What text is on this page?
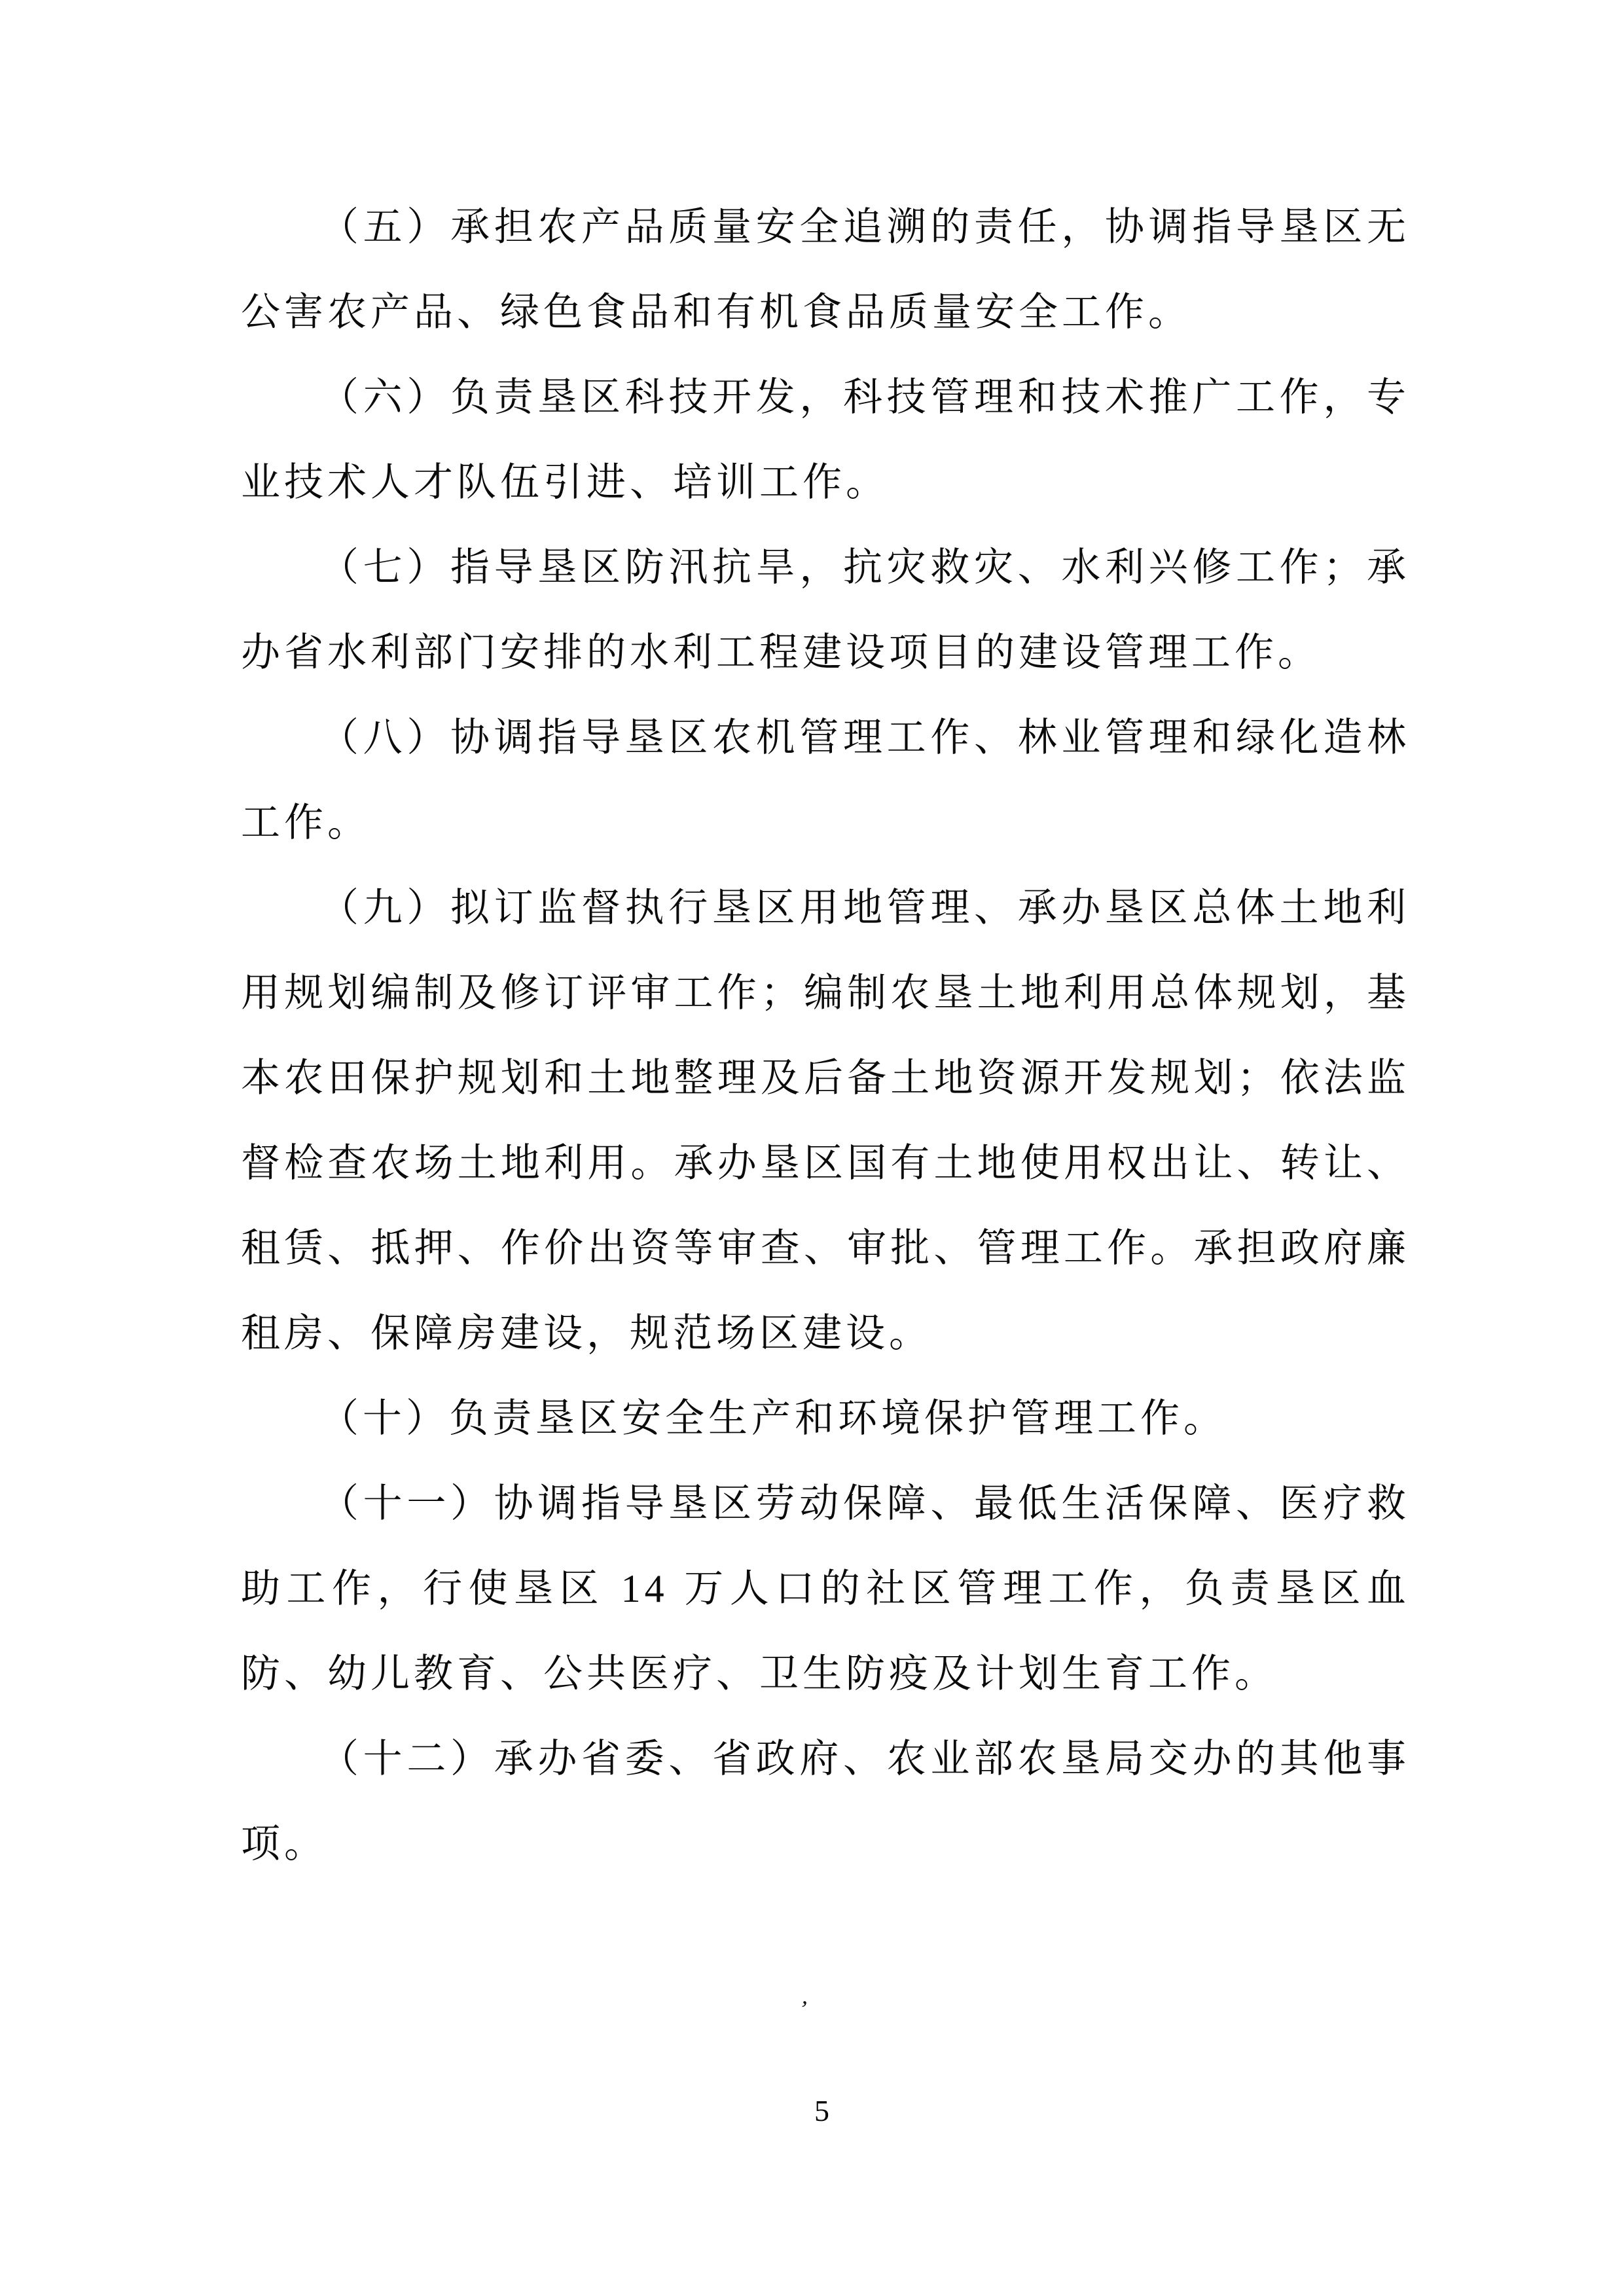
（五）承担农产品质量安全追溯的责任，协调指导垦区无公害农产品、绿色食品和有机食品质量安全工作。

（六）负责垦区科技开发，科技管理和技术推广工作，专业技术人才队伍引进、培训工作。

（七）指导垦区防汛抗旱，抗灾救灾、水利兴修工作；承办省水利部门安排的水利工程建设项目的建设管理工作。

（八）协调指导垦区农机管理工作、林业管理和绿化造林工作。

（九）拟订监督执行垦区用地管理、承办垦区总体土地利用规划编制及修订评审工作；编制农垦土地利用总体规划，基本农田保护规划和土地整理及后备土地资源开发规划；依法监督检查农场土地利用。承办垦区国有土地使用权出让、转让、租赁、抵押、作价出资等审查、审批、管理工作。承担政府廉租房、保障房建设，规范场区建设。

（十）负责垦区安全生产和环境保护管理工作。

（十一）协调指导垦区劳动保障、最低生活保障、医疗救助工作，行使垦区 14 万人口的社区管理工作，负责垦区血防、幼儿教育、公共医疗、卫生防疫及计划生育工作。

（十二）承办省委、省政府、农业部农垦局交办的其他事项。

’
5
